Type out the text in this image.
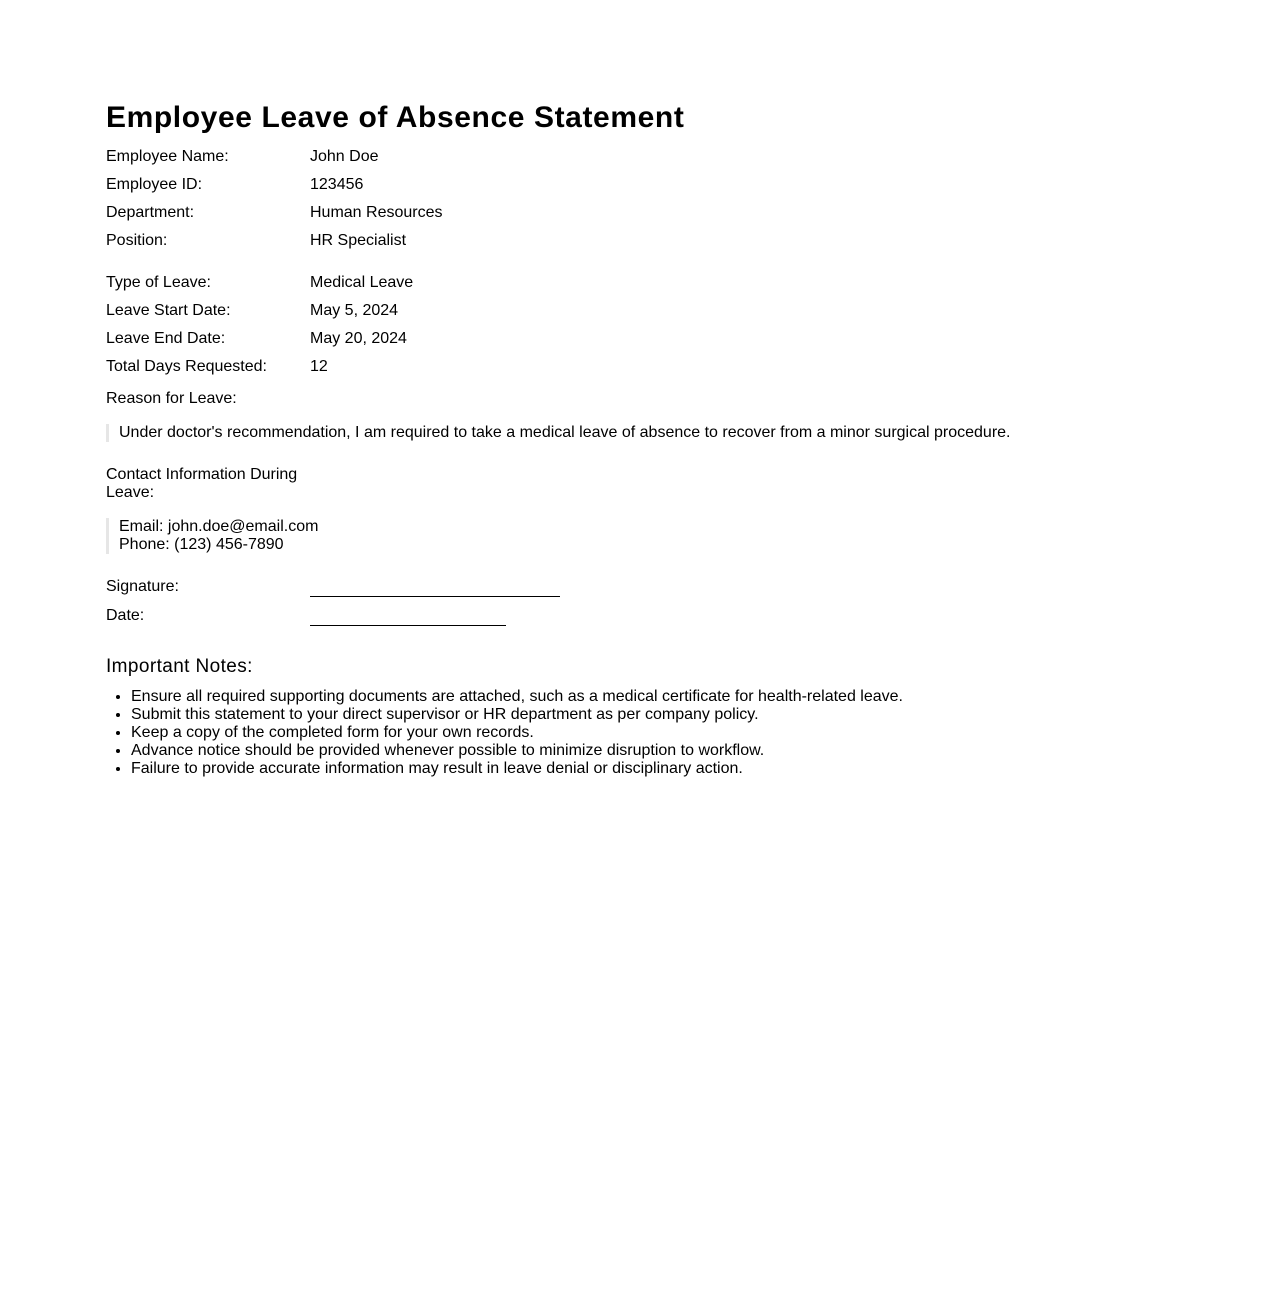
Employee Leave of Absence Statement
Employee Name:	John Doe
Employee ID:	123456
Department:	Human Resources
Position:	HR Specialist
Type of Leave:	Medical Leave
Leave Start Date:	May 5, 2024
Leave End Date:	May 20, 2024
Total Days Requested:	12
Reason for Leave:
Under doctor's recommendation, I am required to take a medical leave of absence to recover from a minor surgical procedure.
Contact Information During Leave:
Email: john.doe@email.com
Phone: (123) 456-7890
Signature:
Date:
Important Notes:
• Ensure all required supporting documents are attached, such as a medical certificate for health-related leave.
• Submit this statement to your direct supervisor or HR department as per company policy.
• Keep a copy of the completed form for your own records.
• Advance notice should be provided whenever possible to minimize disruption to workflow.
• Failure to provide accurate information may result in leave denial or disciplinary action.
